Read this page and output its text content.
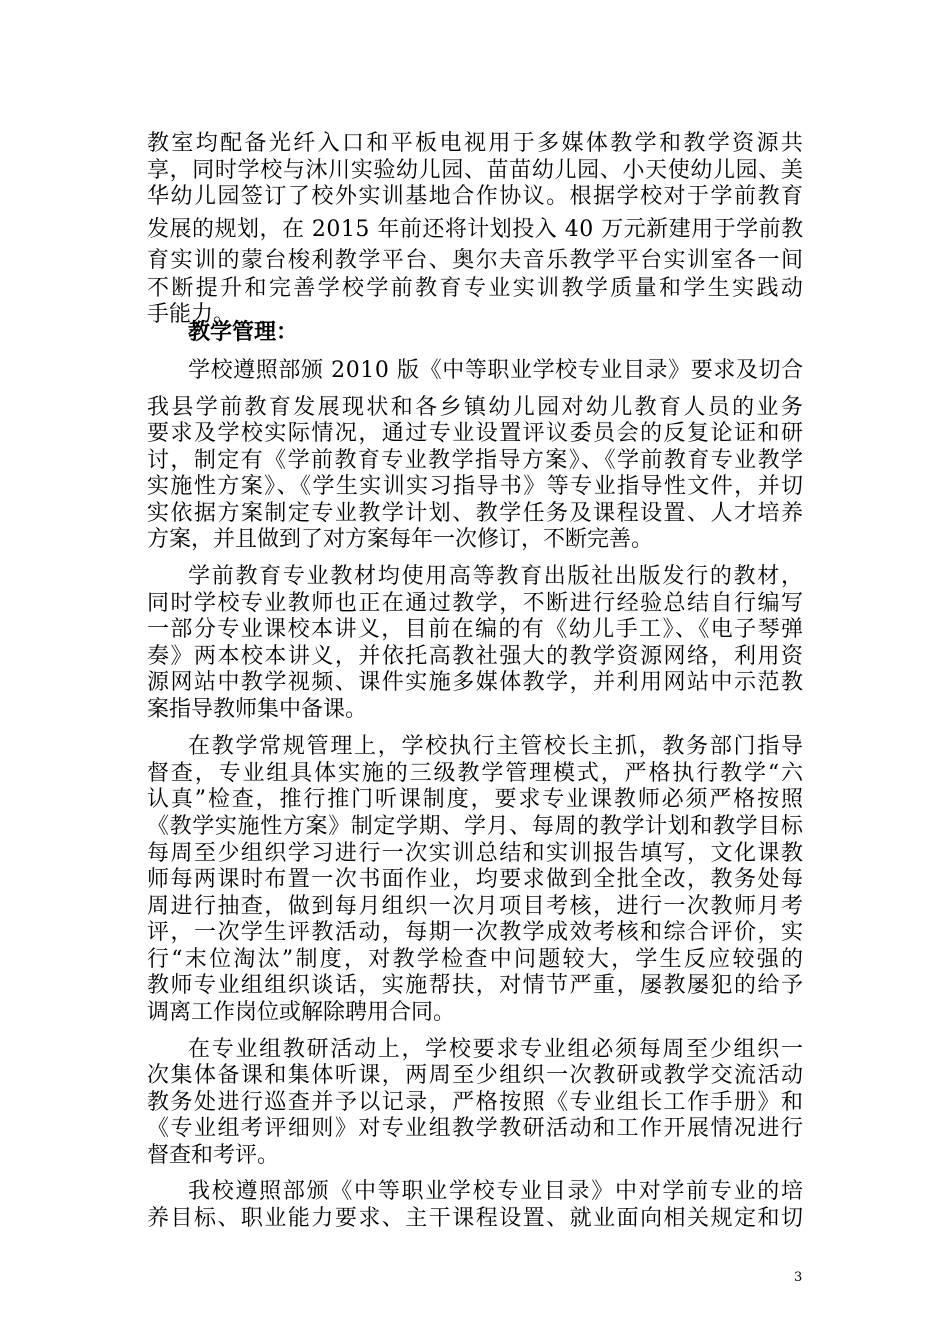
教室均配备光纤入口和平板电视用于多媒体教学和教学资源共
享，同时学校与沐川实验幼儿园、苗苗幼儿园、小天使幼儿园、美
华幼儿园签订了校外实训基地合作协议。根据学校对于学前教育
发展的规划，在 2015 年前还将计划投入 40 万元新建用于学前教
育实训的蒙台梭利教学平台、奥尔夫音乐教学平台实训室各一间
不断提升和完善学校学前教育专业实训教学质量和学生实践动
手能力。
教学管理：
学校遵照部颁 2010 版《中等职业学校专业目录》要求及切合
我县学前教育发展现状和各乡镇幼儿园对幼儿教育人员的业务
要求及学校实际情况，通过专业设置评议委员会的反复论证和研
讨，制定有《学前教育专业教学指导方案》、《学前教育专业教学
实施性方案》、《学生实训实习指导书》等专业指导性文件，并切
实依据方案制定专业教学计划、教学任务及课程设置、人才培养
方案，并且做到了对方案每年一次修订，不断完善。
学前教育专业教材均使用高等教育出版社出版发行的教材，
同时学校专业教师也正在通过教学，不断进行经验总结自行编写
一部分专业课校本讲义，目前在编的有《幼儿手工》、《电子琴弹
奏》两本校本讲义，并依托高教社强大的教学资源网络，利用资
源网站中教学视频、课件实施多媒体教学，并利用网站中示范教
案指导教师集中备课。
在教学常规管理上，学校执行主管校长主抓，教务部门指导
督查，专业组具体实施的三级教学管理模式，严格执行教学“六
认真”检查，推行推门听课制度，要求专业课教师必须严格按照
《教学实施性方案》制定学期、学月、每周的教学计划和教学目标
每周至少组织学习进行一次实训总结和实训报告填写，文化课教
师每两课时布置一次书面作业，均要求做到全批全改，教务处每
周进行抽查，做到每月组织一次月项目考核，进行一次教师月考
评，一次学生评教活动，每期一次教学成效考核和综合评价，实
行“末位淘汰”制度，对教学检查中问题较大，学生反应较强的
教师专业组组织谈话，实施帮扶，对情节严重，屡教屡犯的给予
调离工作岗位或解除聘用合同。
在专业组教研活动上，学校要求专业组必须每周至少组织一
次集体备课和集体听课，两周至少组织一次教研或教学交流活动
教务处进行巡查并予以记录，严格按照《专业组长工作手册》和
《专业组考评细则》对专业组教学教研活动和工作开展情况进行
督查和考评。
我校遵照部颁《中等职业学校专业目录》中对学前专业的培
养目标、职业能力要求、主干课程设置、就业面向相关规定和切
3
